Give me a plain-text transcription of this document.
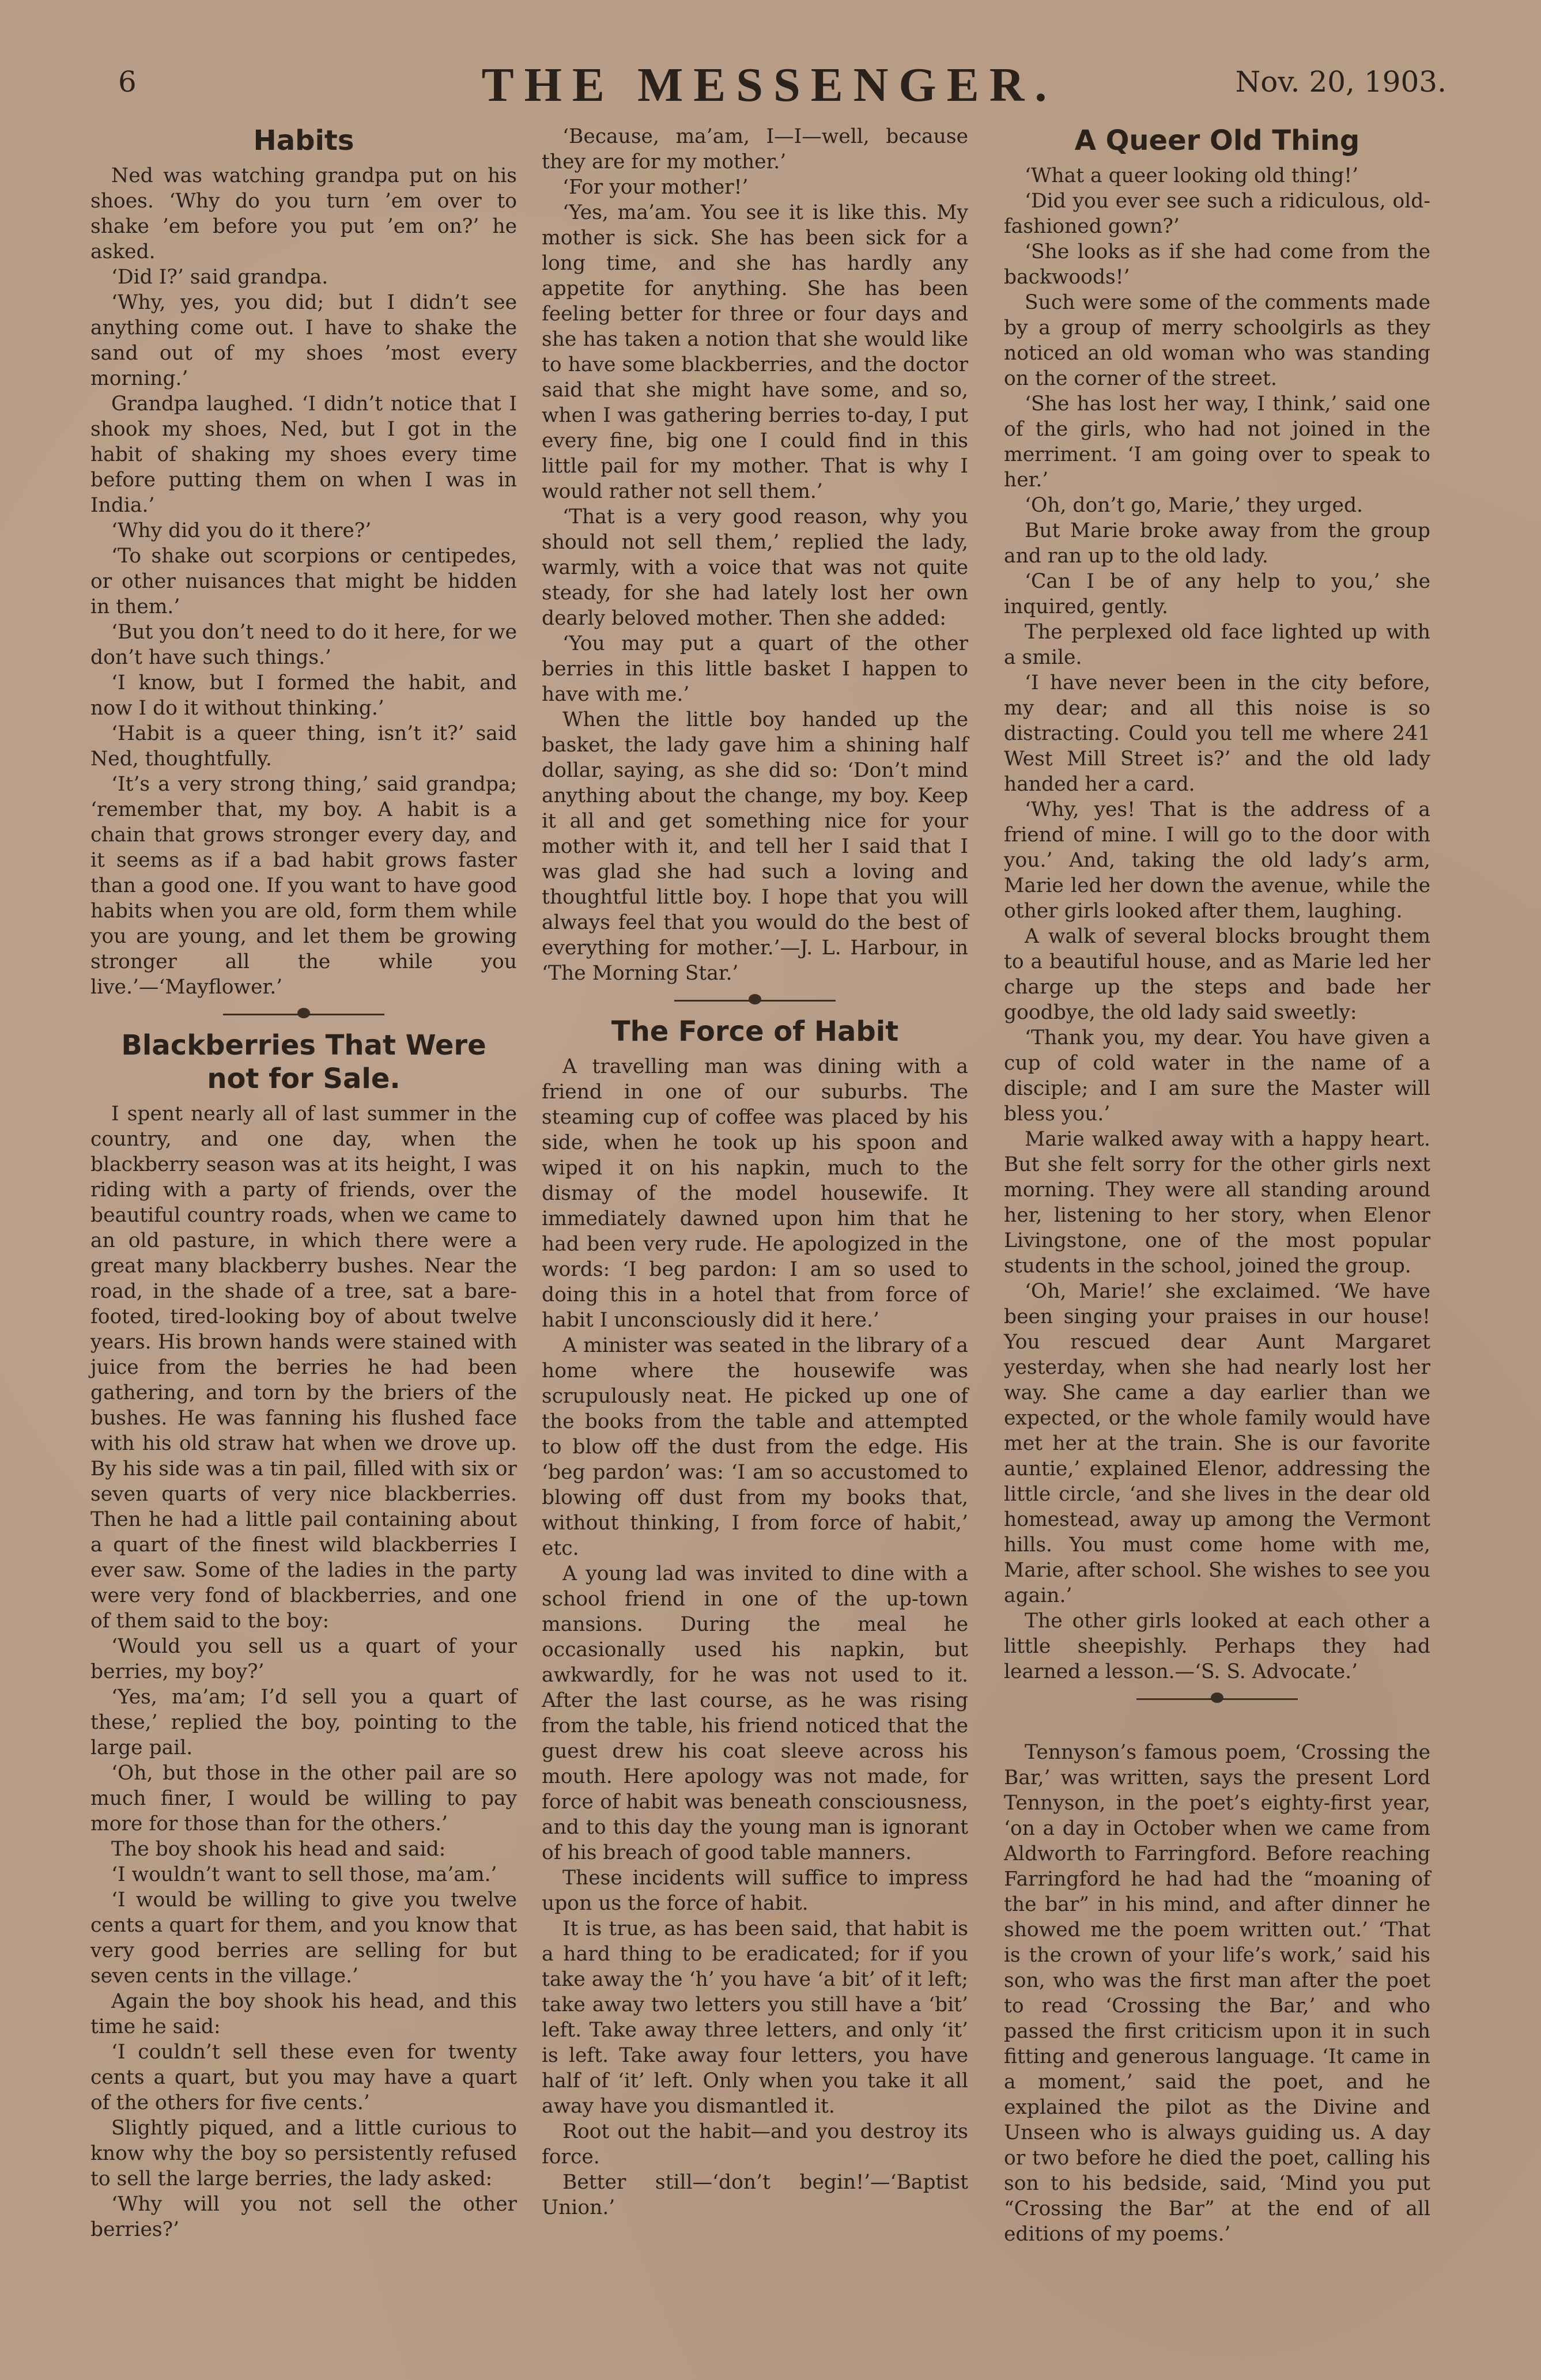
6	THE MESSENGER.	Nov. 20, 1903.
Habits

Ned was watching grandpa put on his shoes. ‘Why do you turn ’em over to shake ’em before you put ’em on?’ he asked.

‘Did I?’ said grandpa.

‘Why, yes, you did; but I didn’t see anything come out. I have to shake the sand out of my shoes ’most every morning.’

Grandpa laughed. ‘I didn’t notice that I shook my shoes, Ned, but I got in the habit of shaking my shoes every time before putting them on when I was in India.’

‘Why did you do it there?’

‘To shake out scorpions or centipedes, or other nuisances that might be hidden in them.’

‘But you don’t need to do it here, for we don’t have such things.’

‘I know, but I formed the habit, and now I do it without thinking.’

‘Habit is a queer thing, isn’t it?’ said Ned, thoughtfully.

‘It’s a very strong thing,’ said grandpa; ‘remember that, my boy. A habit is a chain that grows stronger every day, and it seems as if a bad habit grows faster than a good one. If you want to have good habits when you are old, form them while you are young, and let them be growing stronger all the while you live.’—‘Mayflower.’

Blackberries That Were not for Sale.

I spent nearly all of last summer in the country, and one day, when the blackberry season was at its height, I was riding with a party of friends, over the beautiful country roads, when we came to an old pasture, in which there were a great many blackberry bushes. Near the road, in the shade of a tree, sat a bare-footed, tired-looking boy of about twelve years. His brown hands were stained with juice from the berries he had been gathering, and torn by the briers of the bushes. He was fanning his flushed face with his old straw hat when we drove up. By his side was a tin pail, filled with six or seven quarts of very nice blackberries. Then he had a little pail containing about a quart of the finest wild blackberries I ever saw. Some of the ladies in the party were very fond of blackberries, and one of them said to the boy:

‘Would you sell us a quart of your berries, my boy?’

‘Yes, ma’am; I’d sell you a quart of these,’ replied the boy, pointing to the large pail.

‘Oh, but those in the other pail are so much finer, I would be willing to pay more for those than for the others.’

The boy shook his head and said:

‘I wouldn’t want to sell those, ma’am.’

‘I would be willing to give you twelve cents a quart for them, and you know that very good berries are selling for but seven cents in the village.’

Again the boy shook his head, and this time he said:

‘I couldn’t sell these even for twenty cents a quart, but you may have a quart of the others for five cents.’

Slightly piqued, and a little curious to know why the boy so persistently refused to sell the large berries, the lady asked:

‘Why will you not sell the other berries?’

‘Because, ma’am, I—I—well, because they are for my mother.’

‘For your mother!’

‘Yes, ma’am. You see it is like this. My mother is sick. She has been sick for a long time, and she has hardly any appetite for anything. She has been feeling better for three or four days and she has taken a notion that she would like to have some blackberries, and the doctor said that she might have some, and so, when I was gathering berries to-day, I put every fine, big one I could find in this little pail for my mother. That is why I would rather not sell them.’

‘That is a very good reason, why you should not sell them,’ replied the lady, warmly, with a voice that was not quite steady, for she had lately lost her own dearly beloved mother. Then she added:

‘You may put a quart of the other berries in this little basket I happen to have with me.’

When the little boy handed up the basket, the lady gave him a shining half dollar, saying, as she did so: ‘Don’t mind anything about the change, my boy. Keep it all and get something nice for your mother with it, and tell her I said that I was glad she had such a loving and thoughtful little boy. I hope that you will always feel that you would do the best of everything for mother.’—J. L. Harbour, in ‘The Morning Star.’

The Force of Habit

A travelling man was dining with a friend in one of our suburbs. The steaming cup of coffee was placed by his side, when he took up his spoon and wiped it on his napkin, much to the dismay of the model housewife. It immediately dawned upon him that he had been very rude. He apologized in the words: ‘I beg pardon: I am so used to doing this in a hotel that from force of habit I unconsciously did it here.’

A minister was seated in the library of a home where the housewife was scrupulously neat. He picked up one of the books from the table and attempted to blow off the dust from the edge. His ‘beg pardon’ was: ‘I am so accustomed to blowing off dust from my books that, without thinking, I from force of habit,’ etc.

A young lad was invited to dine with a school friend in one of the up-town mansions. During the meal he occasionally used his napkin, but awkwardly, for he was not used to it. After the last course, as he was rising from the table, his friend noticed that the guest drew his coat sleeve across his mouth. Here apology was not made, for force of habit was beneath consciousness, and to this day the young man is ignorant of his breach of good table manners.

These incidents will suffice to impress upon us the force of habit.

It is true, as has been said, that habit is a hard thing to be eradicated; for if you take away the ‘h’ you have ‘a bit’ of it left; take away two letters you still have a ‘bit’ left. Take away three letters, and only ‘it’ is left. Take away four letters, you have half of ‘it’ left. Only when you take it all away have you dismantled it.

Root out the habit—and you destroy its force.

Better still—‘don’t begin!’—‘Baptist Union.’

A Queer Old Thing

‘What a queer looking old thing!’

‘Did you ever see such a ridiculous, old-fashioned gown?’

‘She looks as if she had come from the backwoods!’

Such were some of the comments made by a group of merry schoolgirls as they noticed an old woman who was standing on the corner of the street.

‘She has lost her way, I think,’ said one of the girls, who had not joined in the merriment. ‘I am going over to speak to her.’

‘Oh, don’t go, Marie,’ they urged.

But Marie broke away from the group and ran up to the old lady.

‘Can I be of any help to you,’ she inquired, gently.

The perplexed old face lighted up with a smile.

‘I have never been in the city before, my dear; and all this noise is so distracting. Could you tell me where 241 West Mill Street is?’ and the old lady handed her a card.

‘Why, yes! That is the address of a friend of mine. I will go to the door with you.’ And, taking the old lady’s arm, Marie led her down the avenue, while the other girls looked after them, laughing.

A walk of several blocks brought them to a beautiful house, and as Marie led her charge up the steps and bade her goodbye, the old lady said sweetly:

‘Thank you, my dear. You have given a cup of cold water in the name of a disciple; and I am sure the Master will bless you.’

Marie walked away with a happy heart. But she felt sorry for the other girls next morning. They were all standing around her, listening to her story, when Elenor Livingstone, one of the most popular students in the school, joined the group.

‘Oh, Marie!’ she exclaimed. ‘We have been singing your praises in our house! You rescued dear Aunt Margaret yesterday, when she had nearly lost her way. She came a day earlier than we expected, or the whole family would have met her at the train. She is our favorite auntie,’ explained Elenor, addressing the little circle, ‘and she lives in the dear old homestead, away up among the Vermont hills. You must come home with me, Marie, after school. She wishes to see you again.’

The other girls looked at each other a little sheepishly. Perhaps they had learned a lesson.—‘S. S. Advocate.’

Tennyson’s famous poem, ‘Crossing the Bar,’ was written, says the present Lord Tennyson, in the poet’s eighty-first year, ‘on a day in October when we came from Aldworth to Farringford. Before reaching Farringford he had had the “moaning of the bar” in his mind, and after dinner he showed me the poem written out.’ ‘That is the crown of your life’s work,’ said his son, who was the first man after the poet to read ‘Crossing the Bar,’ and who passed the first criticism upon it in such fitting and generous language. ‘It came in a moment,’ said the poet, and he explained the pilot as the Divine and Unseen who is always guiding us. A day or two before he died the poet, calling his son to his bedside, said, ‘Mind you put “Crossing the Bar” at the end of all editions of my poems.’
